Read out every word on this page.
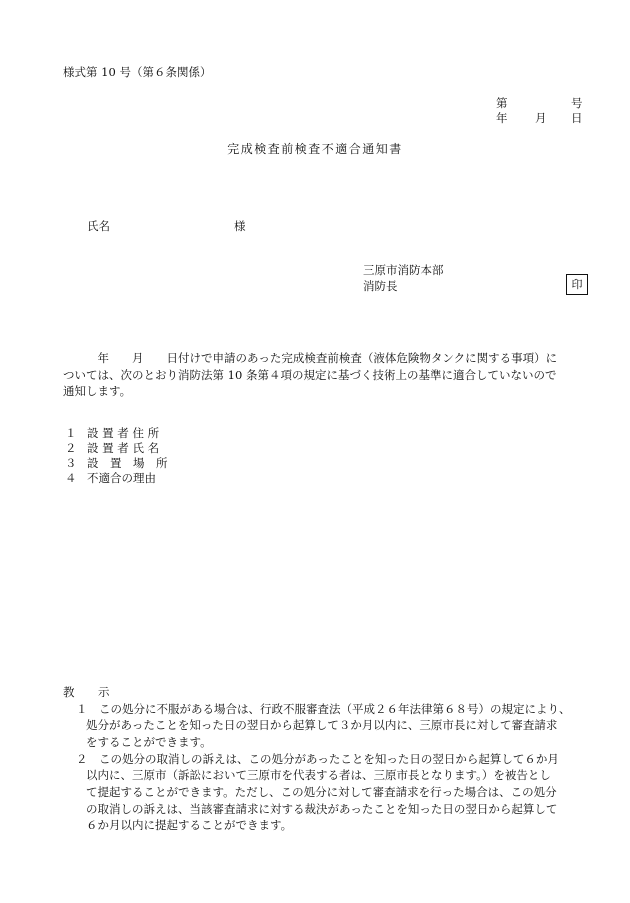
様式第 10 号（第６条関係）
第	号
年 月 日
完成検査前検査不適合通知書
氏名	様
三原市消防本部
消防長	印
　　　年　　月　　日付けで申請のあった完成検査前検査（液体危険物タンクに関する事項）に
ついては、次のとおり消防法第 10 条第４項の規定に基づく技術上の基準に適合していないので
通知します。
１ 設 置 者 住 所
２ 設 置 者 氏 名
３ 設　置　場　所
４ 不適合の理由
教　示
１　この処分に不服がある場合は、行政不服審査法（平成２６年法律第６８号）の規定により、
処分があったことを知った日の翌日から起算して３か月以内に、三原市長に対して審査請求
をすることができます。
２　この処分の取消しの訴えは、この処分があったことを知った日の翌日から起算して６か月
以内に、三原市（訴訟において三原市を代表する者は、三原市長となります。）を被告とし
て提起することができます。ただし、この処分に対して審査請求を行った場合は、この処分
の取消しの訴えは、当該審査請求に対する裁決があったことを知った日の翌日から起算して
６か月以内に提起することができます。
